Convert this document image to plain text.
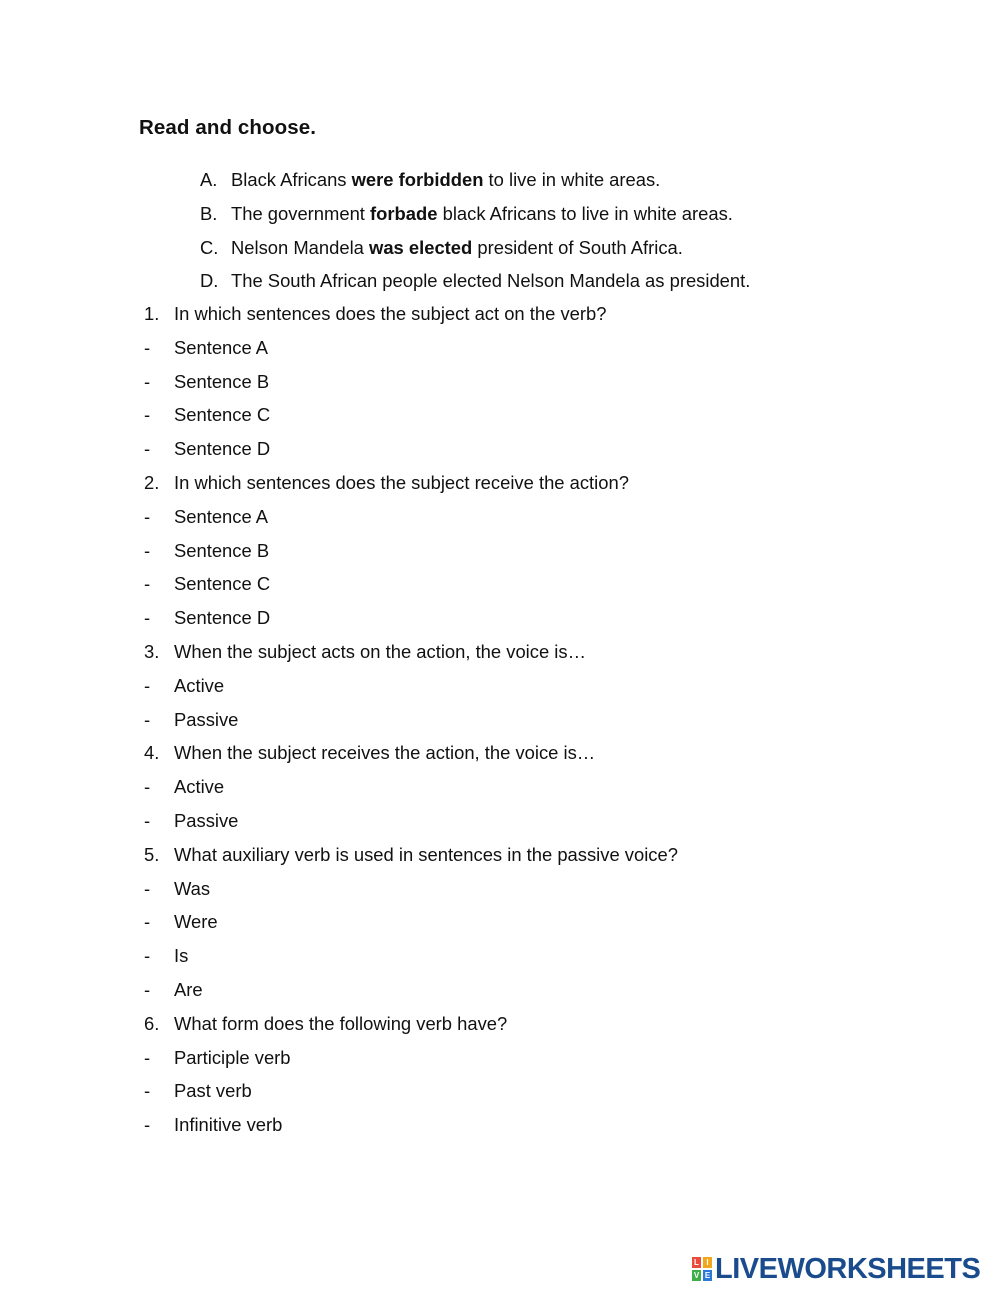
Read and choose.
A. Black Africans were forbidden to live in white areas.
B. The government forbade black Africans to live in white areas.
C. Nelson Mandela was elected president of South Africa.
D. The South African people elected Nelson Mandela as president.
1. In which sentences does the subject act on the verb?
- Sentence A
- Sentence B
- Sentence C
- Sentence D
2. In which sentences does the subject receive the action?
- Sentence A
- Sentence B
- Sentence C
- Sentence D
3. When the subject acts on the action, the voice is…
- Active
- Passive
4. When the subject receives the action, the voice is…
- Active
- Passive
5. What auxiliary verb is used in sentences in the passive voice?
- Was
- Were
- Is
- Are
6. What form does the following verb have?
- Participle verb
- Past verb
- Infinitive verb
L I
V E LIVEWORKSHEETS
